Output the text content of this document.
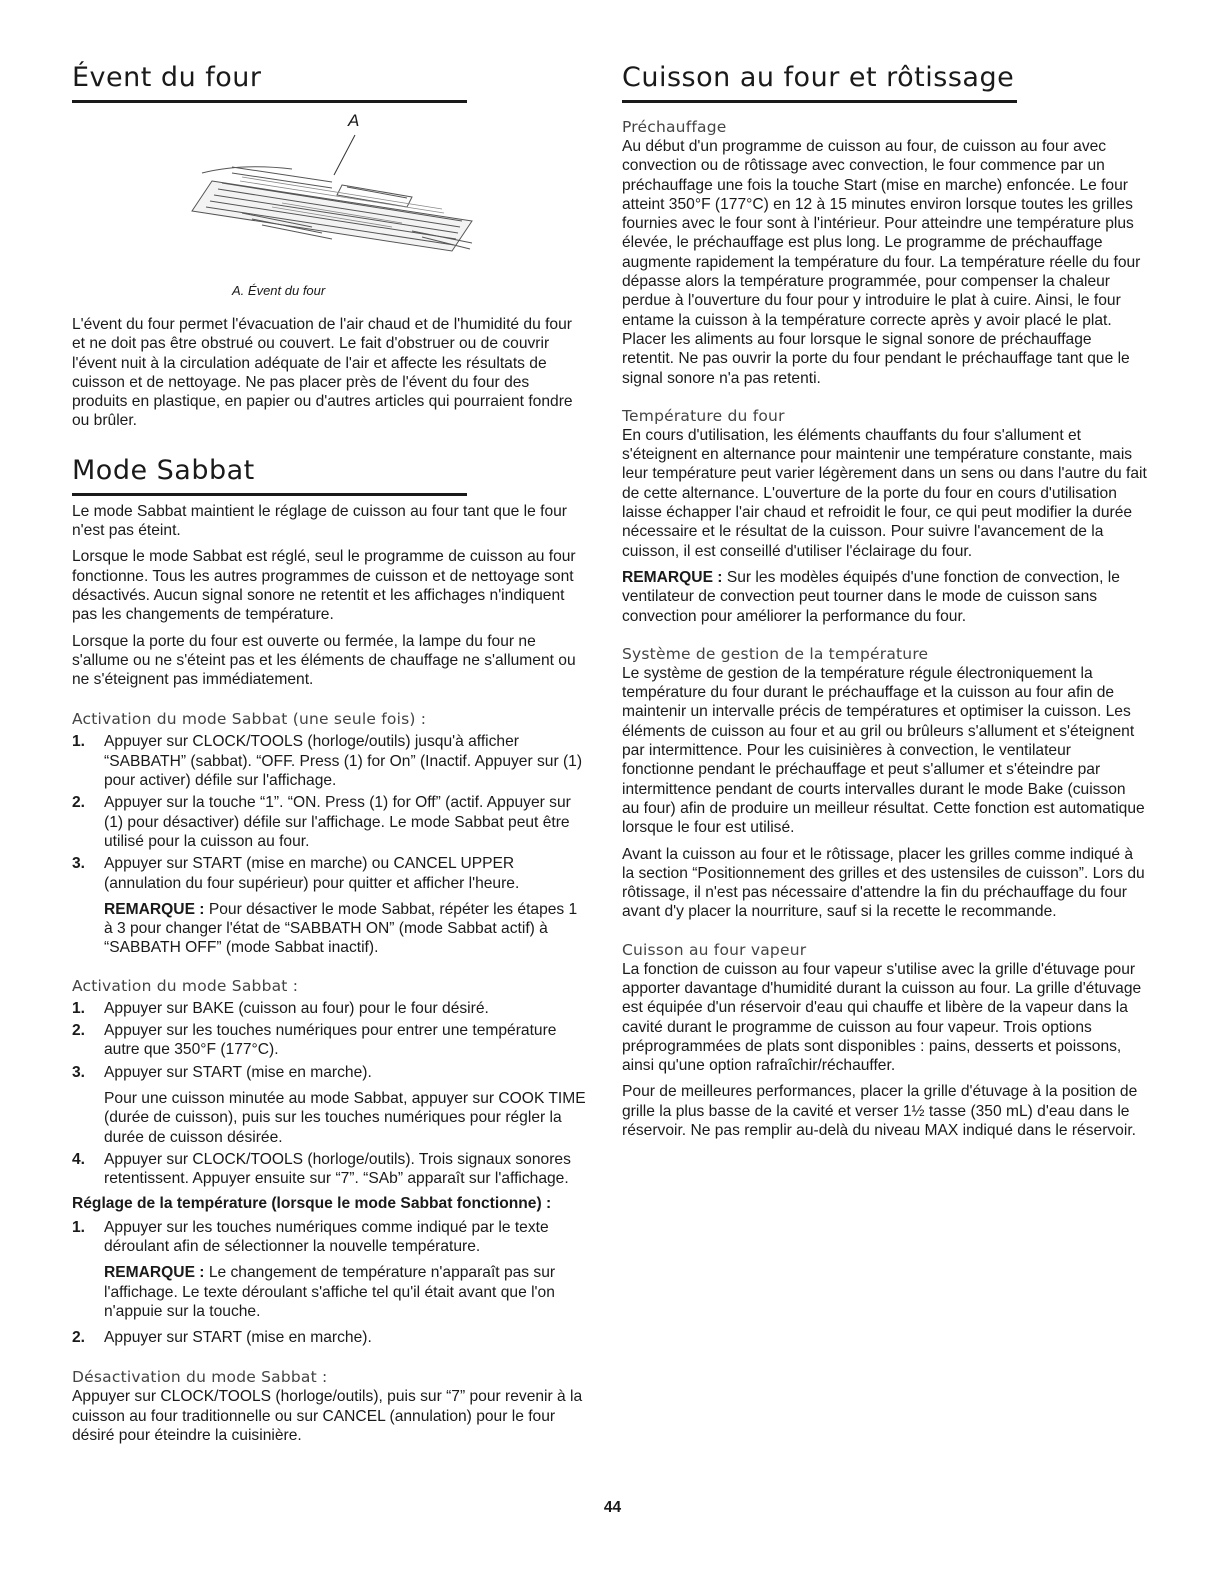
Évent du four
A
A. Évent du four

L'évent du four permet l'évacuation de l'air chaud et de l'humidité du four et ne doit pas être obstrué ou couvert. Le fait d'obstruer ou de couvrir l'évent nuit à la circulation adéquate de l'air et affecte les résultats de cuisson et de nettoyage. Ne pas placer près de l'évent du four des produits en plastique, en papier ou d'autres articles qui pourraient fondre ou brûler.

Mode Sabbat

Le mode Sabbat maintient le réglage de cuisson au four tant que le four n'est pas éteint.

Lorsque le mode Sabbat est réglé, seul le programme de cuisson au four fonctionne. Tous les autres programmes de cuisson et de nettoyage sont désactivés. Aucun signal sonore ne retentit et les affichages n'indiquent pas les changements de température.

Lorsque la porte du four est ouverte ou fermée, la lampe du four ne s'allume ou ne s'éteint pas et les éléments de chauffage ne s'allument ou ne s'éteignent pas immédiatement.

Activation du mode Sabbat (une seule fois) :
1. Appuyer sur CLOCK/TOOLS (horloge/outils) jusqu'à afficher “SABBATH” (sabbat). “OFF. Press (1) for On” (Inactif. Appuyer sur (1) pour activer) défile sur l'affichage.
2. Appuyer sur la touche “1”. “ON. Press (1) for Off” (actif. Appuyer sur (1) pour désactiver) défile sur l'affichage. Le mode Sabbat peut être utilisé pour la cuisson au four.
3. Appuyer sur START (mise en marche) ou CANCEL UPPER (annulation du four supérieur) pour quitter et afficher l'heure.

REMARQUE : Pour désactiver le mode Sabbat, répéter les étapes 1 à 3 pour changer l'état de “SABBATH ON” (mode Sabbat actif) à “SABBATH OFF” (mode Sabbat inactif).

Activation du mode Sabbat :
1. Appuyer sur BAKE (cuisson au four) pour le four désiré.
2. Appuyer sur les touches numériques pour entrer une température autre que 350°F (177°C).
3. Appuyer sur START (mise en marche).

Pour une cuisson minutée au mode Sabbat, appuyer sur COOK TIME (durée de cuisson), puis sur les touches numériques pour régler la durée de cuisson désirée.

4. Appuyer sur CLOCK/TOOLS (horloge/outils). Trois signaux sonores retentissent. Appuyer ensuite sur “7”. “SAb” apparaît sur l'affichage.

Réglage de la température (lorsque le mode Sabbat fonctionne) :

1. Appuyer sur les touches numériques comme indiqué par le texte déroulant afin de sélectionner la nouvelle température.

REMARQUE : Le changement de température n'apparaît pas sur l'affichage. Le texte déroulant s'affiche tel qu'il était avant que l'on n'appuie sur la touche.

2. Appuyer sur START (mise en marche).
Désactivation du mode Sabbat :

Appuyer sur CLOCK/TOOLS (horloge/outils), puis sur “7” pour revenir à la cuisson au four traditionnelle ou sur CANCEL (annulation) pour le four désiré pour éteindre la cuisinière.

Cuisson au four et rôtissage
Préchauffage

Au début d'un programme de cuisson au four, de cuisson au four avec convection ou de rôtissage avec convection, le four commence par un préchauffage une fois la touche Start (mise en marche) enfoncée. Le four atteint 350°F (177°C) en 12 à 15 minutes environ lorsque toutes les grilles fournies avec le four sont à l'intérieur. Pour atteindre une température plus élevée, le préchauffage est plus long. Le programme de préchauffage augmente rapidement la température du four. La température réelle du four dépasse alors la température programmée, pour compenser la chaleur perdue à l'ouverture du four pour y introduire le plat à cuire. Ainsi, le four entame la cuisson à la température correcte après y avoir placé le plat. Placer les aliments au four lorsque le signal sonore de préchauffage retentit. Ne pas ouvrir la porte du four pendant le préchauffage tant que le signal sonore n'a pas retenti.

Température du four

En cours d'utilisation, les éléments chauffants du four s'allument et s'éteignent en alternance pour maintenir une température constante, mais leur température peut varier légèrement dans un sens ou dans l'autre du fait de cette alternance. L'ouverture de la porte du four en cours d'utilisation laisse échapper l'air chaud et refroidit le four, ce qui peut modifier la durée nécessaire et le résultat de la cuisson. Pour suivre l'avancement de la cuisson, il est conseillé d'utiliser l'éclairage du four.

REMARQUE : Sur les modèles équipés d'une fonction de convection, le ventilateur de convection peut tourner dans le mode de cuisson sans convection pour améliorer la performance du four.

Système de gestion de la température

Le système de gestion de la température régule électroniquement la température du four durant le préchauffage et la cuisson au four afin de maintenir un intervalle précis de températures et optimiser la cuisson. Les éléments de cuisson au four et au gril ou brûleurs s'allument et s'éteignent par intermittence. Pour les cuisinières à convection, le ventilateur fonctionne pendant le préchauffage et peut s'allumer et s'éteindre par intermittence pendant de courts intervalles durant le mode Bake (cuisson au four) afin de produire un meilleur résultat. Cette fonction est automatique lorsque le four est utilisé.

Avant la cuisson au four et le rôtissage, placer les grilles comme indiqué à la section “Positionnement des grilles et des ustensiles de cuisson”. Lors du rôtissage, il n'est pas nécessaire d'attendre la fin du préchauffage du four avant d'y placer la nourriture, sauf si la recette le recommande.

Cuisson au four vapeur

La fonction de cuisson au four vapeur s'utilise avec la grille d'étuvage pour apporter davantage d'humidité durant la cuisson au four. La grille d'étuvage est équipée d'un réservoir d'eau qui chauffe et libère de la vapeur dans la cavité durant le programme de cuisson au four vapeur. Trois options préprogrammées de plats sont disponibles : pains, desserts et poissons, ainsi qu'une option rafraîchir/réchauffer.

Pour de meilleures performances, placer la grille d'étuvage à la position de grille la plus basse de la cavité et verser 1½ tasse (350 mL) d'eau dans le réservoir. Ne pas remplir au-delà du niveau MAX indiqué dans le réservoir.

44
